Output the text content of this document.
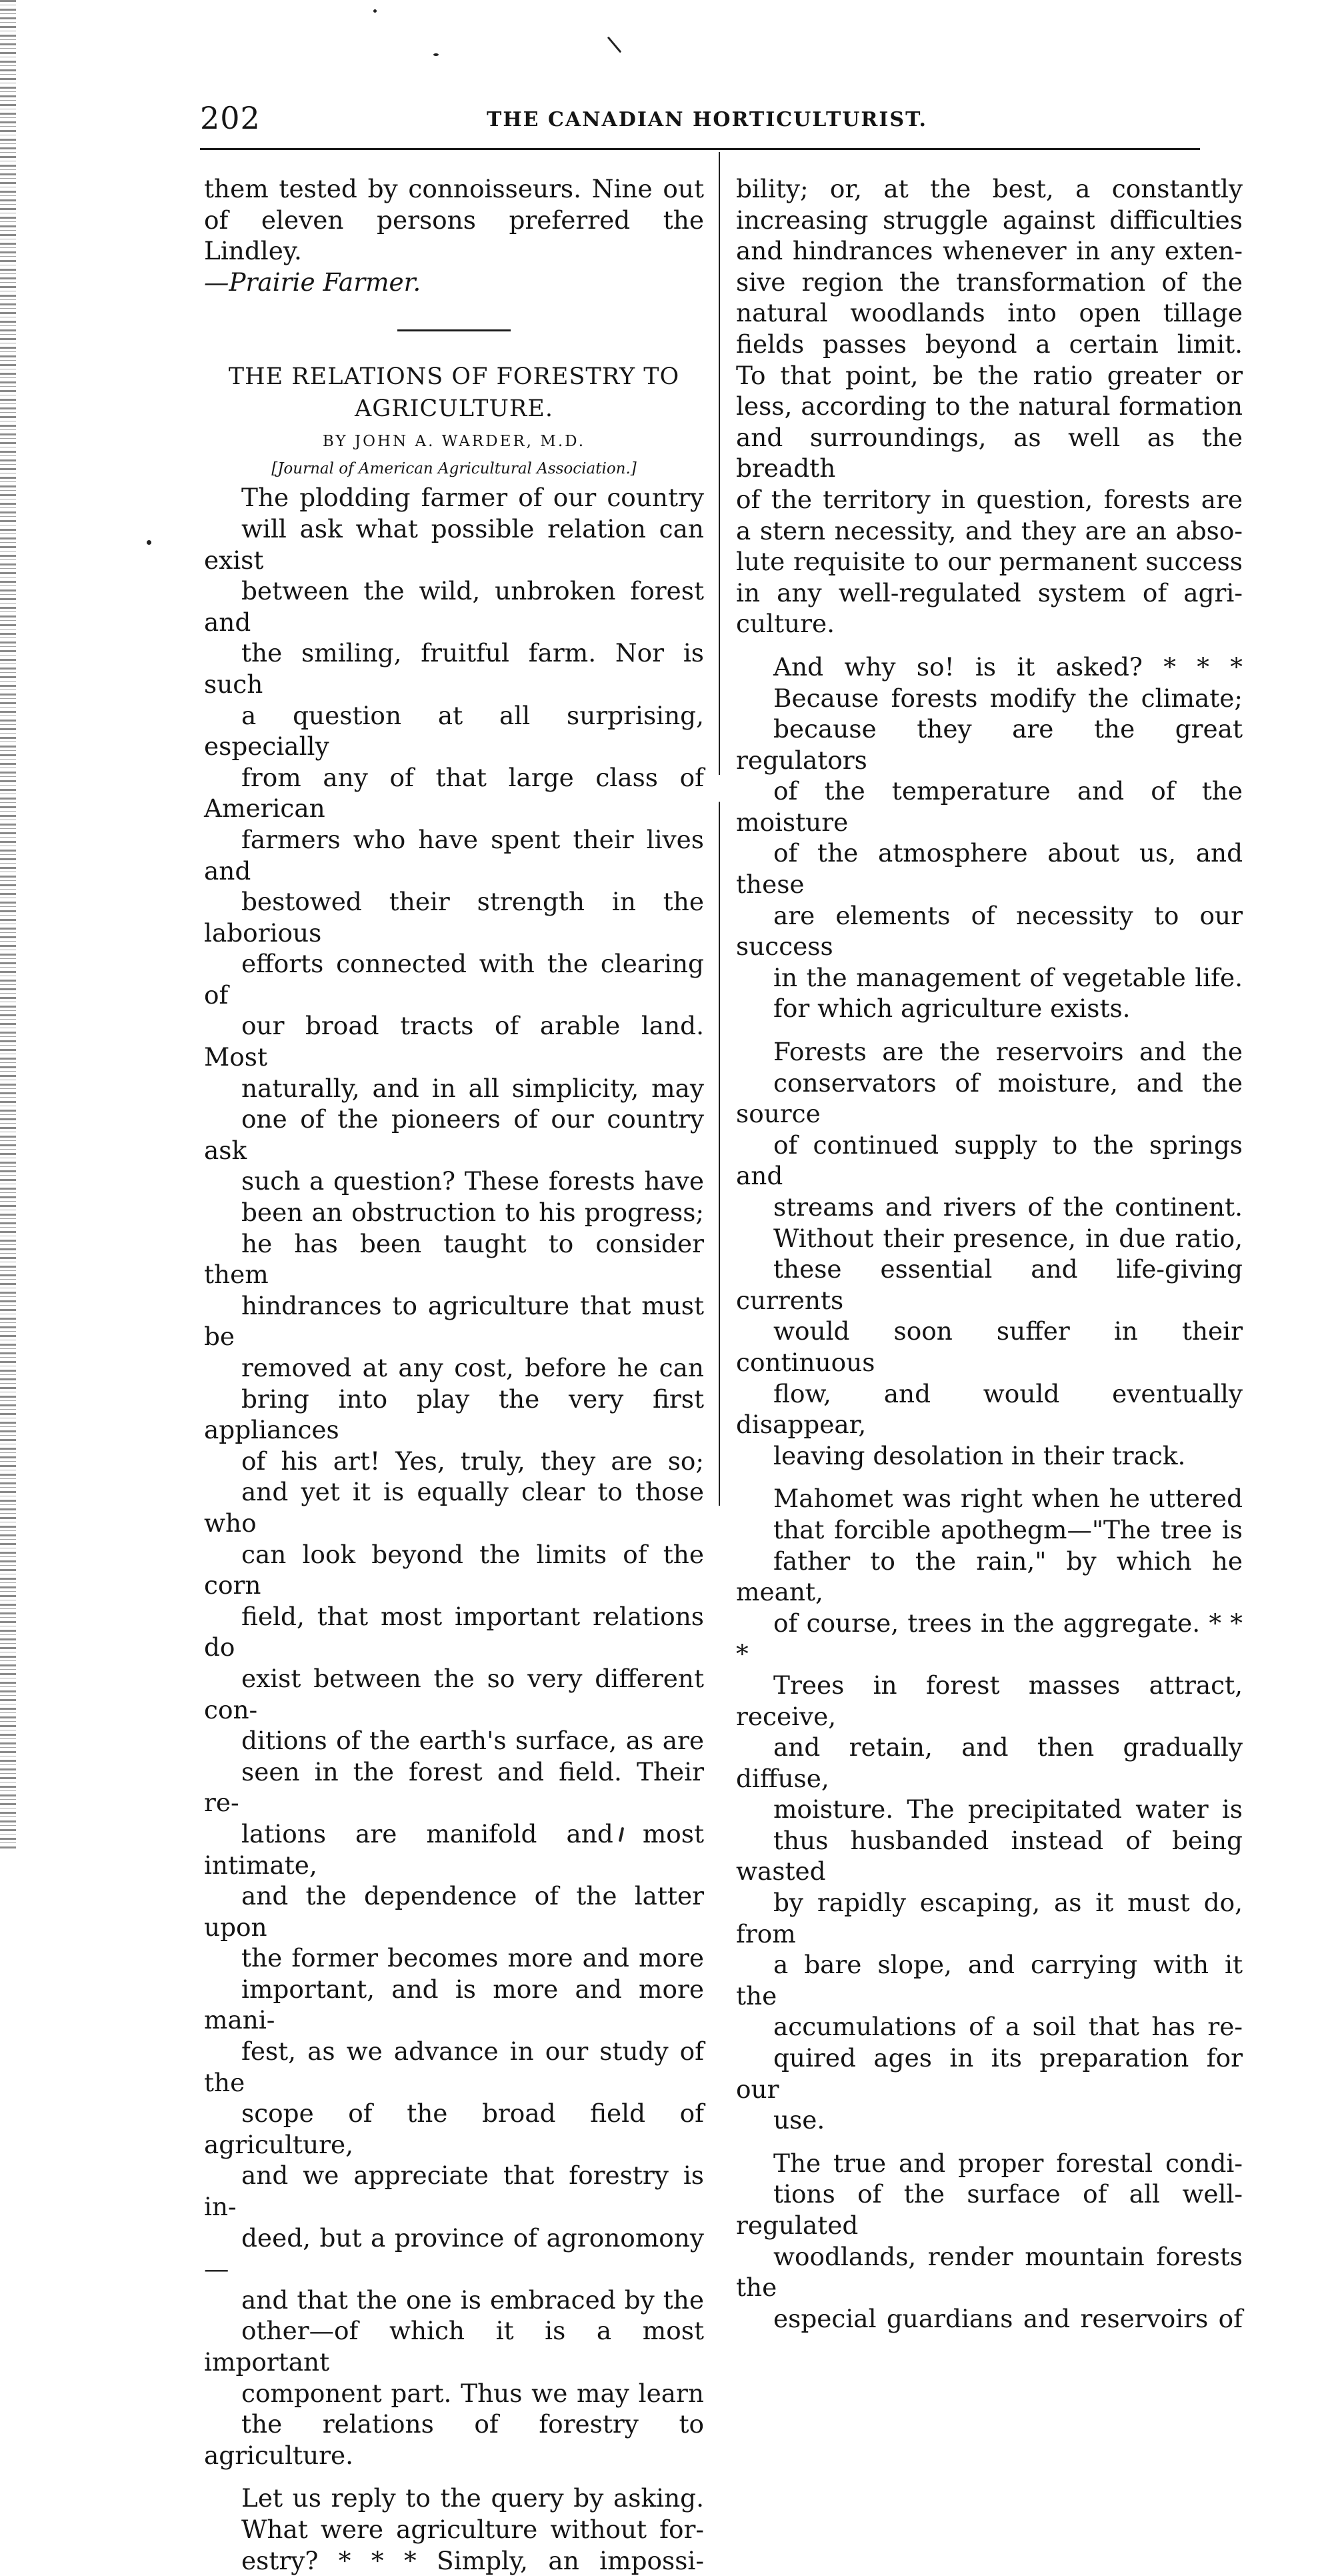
202	THE CANADIAN HORTICULTURIST.

them tested by connoisseurs. Nine out
of eleven persons preferred the Lindley.
—Prairie Farmer.

THE RELATIONS OF FORESTRY TO AGRICULTURE.
BY JOHN A. WARDER, M.D.
[Journal of American Agricultural Association.]

The plodding farmer of our country
will ask what possible relation can exist
between the wild, unbroken forest and
the smiling, fruitful farm. Nor is such
a question at all surprising, especially
from any of that large class of American
farmers who have spent their lives and
bestowed their strength in the laborious
efforts connected with the clearing of
our broad tracts of arable land. Most
naturally, and in all simplicity, may
one of the pioneers of our country ask
such a question? These forests have
been an obstruction to his progress;
he has been taught to consider them
hindrances to agriculture that must be
removed at any cost, before he can
bring into play the very first appliances
of his art! Yes, truly, they are so;
and yet it is equally clear to those who
can look beyond the limits of the corn
field, that most important relations do
exist between the so very different con-
ditions of the earth's surface, as are
seen in the forest and field. Their re-
lations are manifold and most intimate,
and the dependence of the latter upon
the former becomes more and more
important, and is more and more mani-
fest, as we advance in our study of the
scope of the broad field of agriculture,
and we appreciate that forestry is in-
deed, but a province of agronomony—
and that the one is embraced by the
other—of which it is a most important
component part. Thus we may learn
the relations of forestry to agriculture.

Let us reply to the query by asking.
What were agriculture without for-
estry? * * * Simply, an impossi-

bility; or, at the best, a constantly
increasing struggle against difficulties
and hindrances whenever in any exten-
sive region the transformation of the
natural woodlands into open tillage
fields passes beyond a certain limit.
To that point, be the ratio greater or
less, according to the natural formation
and surroundings, as well as the breadth
of the territory in question, forests are
a stern necessity, and they are an abso-
lute requisite to our permanent success
in any well-regulated system of agri-
culture.

And why so! is it asked? * * *
Because forests modify the climate;
because they are the great regulators
of the temperature and of the moisture
of the atmosphere about us, and these
are elements of necessity to our success
in the management of vegetable life.
for which agriculture exists.

Forests are the reservoirs and the
conservators of moisture, and the source
of continued supply to the springs and
streams and rivers of the continent.
Without their presence, in due ratio,
these essential and life-giving currents
would soon suffer in their continuous
flow, and would eventually disappear,
leaving desolation in their track.

Mahomet was right when he uttered
that forcible apothegm—"The tree is
father to the rain," by which he meant,
of course, trees in the aggregate. * * *
Trees in forest masses attract, receive,
and retain, and then gradually diffuse,
moisture. The precipitated water is
thus husbanded instead of being wasted
by rapidly escaping, as it must do, from
a bare slope, and carrying with it the
accumulations of a soil that has re-
quired ages in its preparation for our
use.

The true and proper forestal condi-
tions of the surface of all well-regulated
woodlands, render mountain forests the
especial guardians and reservoirs of
